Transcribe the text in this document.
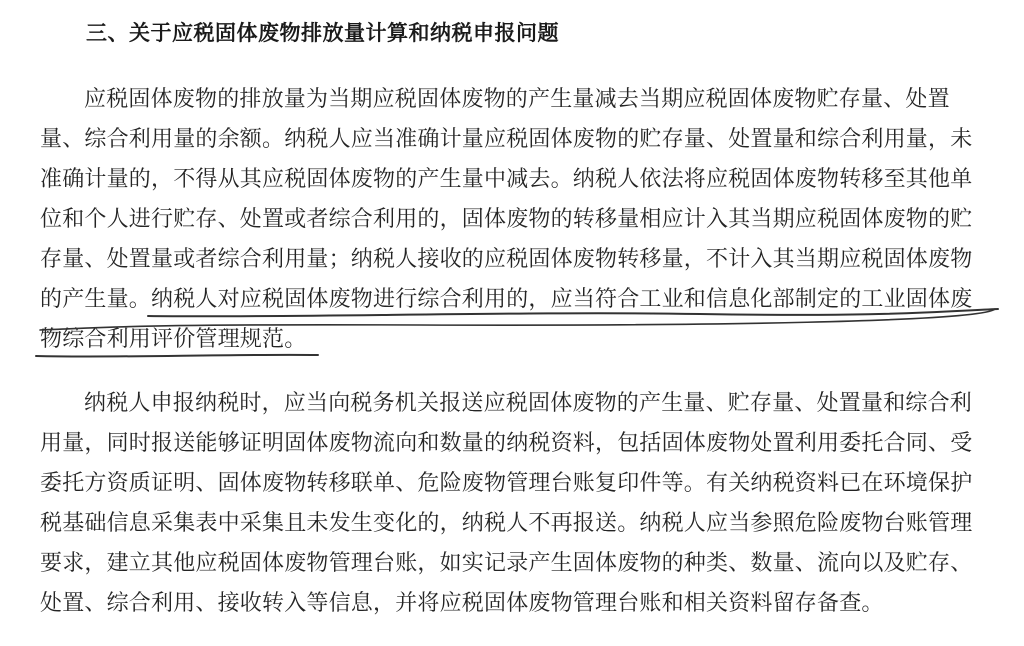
三、关于应税固体废物排放量计算和纳税申报问题
应税固体废物的排放量为当期应税固体废物的产生量减去当期应税固体废物贮存量、处置
量、综合利用量的余额。纳税人应当准确计量应税固体废物的贮存量、处置量和综合利用量，未
准确计量的，不得从其应税固体废物的产生量中减去。纳税人依法将应税固体废物转移至其他单
位和个人进行贮存、处置或者综合利用的，固体废物的转移量相应计入其当期应税固体废物的贮
存量、处置量或者综合利用量；纳税人接收的应税固体废物转移量，不计入其当期应税固体废物
的产生量。纳税人对应税固体废物进行综合利用的，应当符合工业和信息化部制定的工业固体废
物综合利用评价管理规范。
纳税人申报纳税时，应当向税务机关报送应税固体废物的产生量、贮存量、处置量和综合利
用量，同时报送能够证明固体废物流向和数量的纳税资料，包括固体废物处置利用委托合同、受
委托方资质证明、固体废物转移联单、危险废物管理台账复印件等。有关纳税资料已在环境保护
税基础信息采集表中采集且未发生变化的，纳税人不再报送。纳税人应当参照危险废物台账管理
要求，建立其他应税固体废物管理台账，如实记录产生固体废物的种类、数量、流向以及贮存、
处置、综合利用、接收转入等信息，并将应税固体废物管理台账和相关资料留存备查。
